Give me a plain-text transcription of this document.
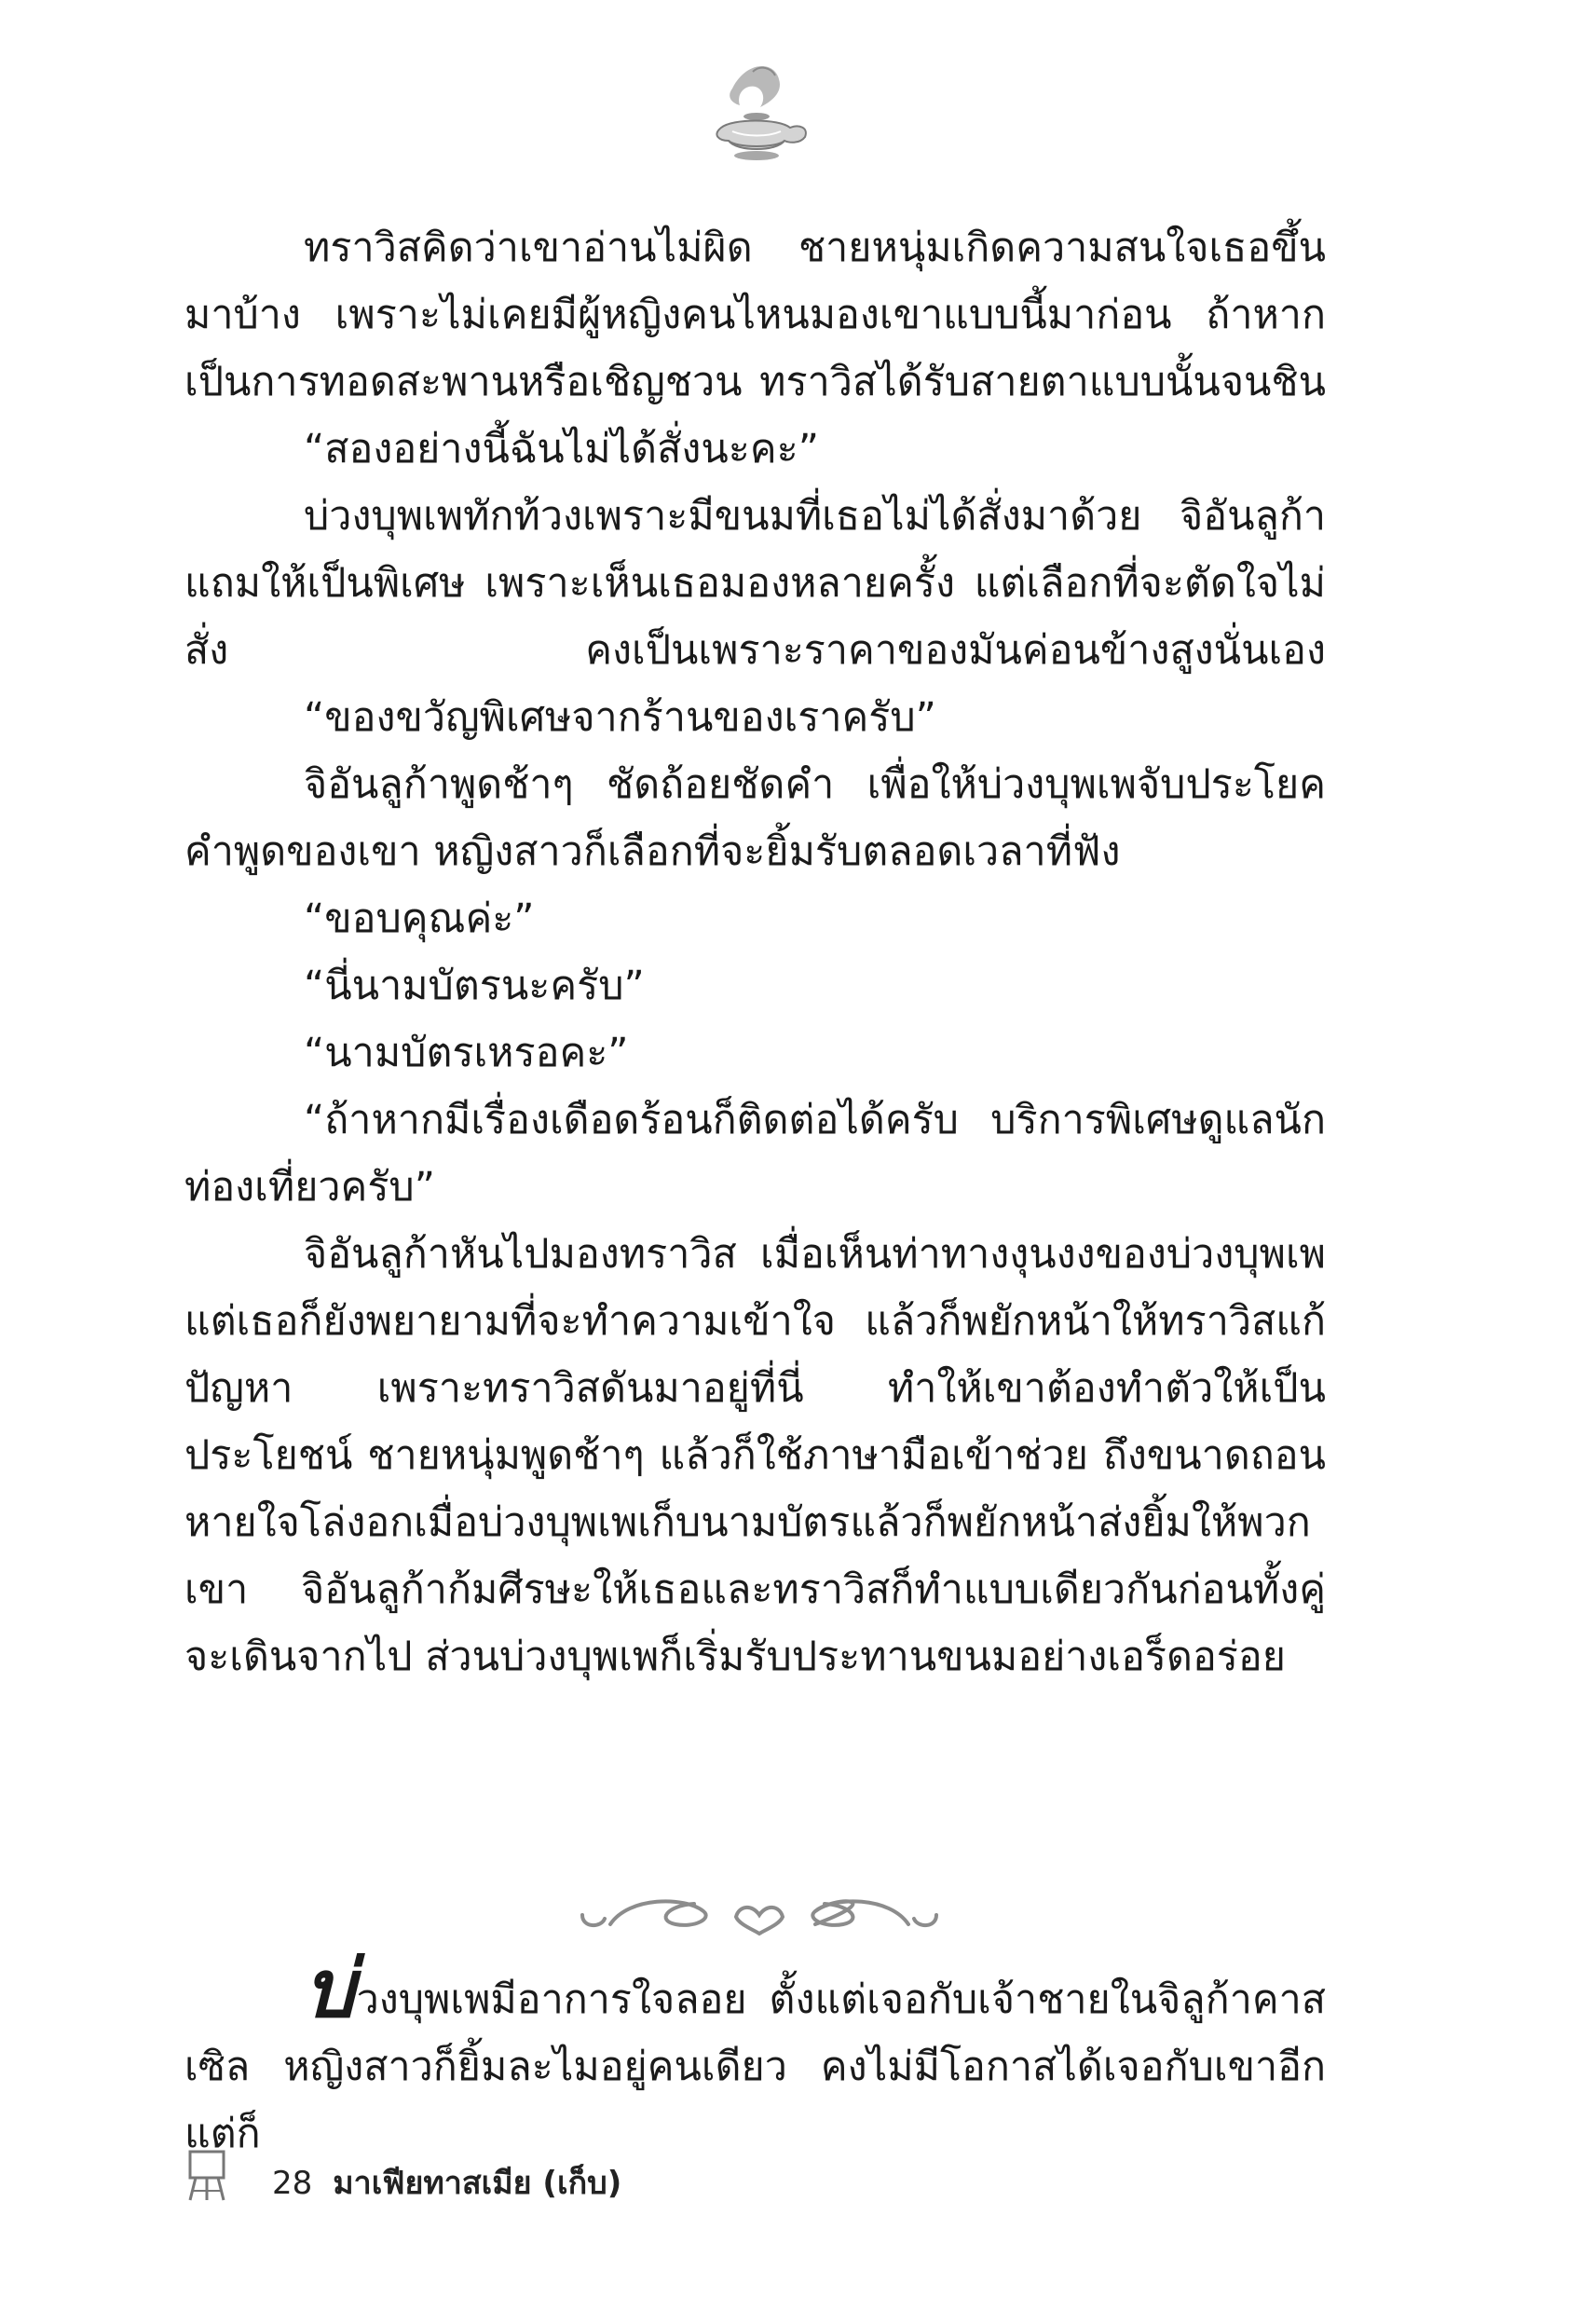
ทราวิสคิดว่าเขาอ่านไม่ผิด ชายหนุ่มเกิดความสนใจเธอขึ้นมาบ้าง เพราะไม่เคยมีผู้หญิงคนไหนมองเขาแบบนี้มาก่อน ถ้าหากเป็นการทอดสะพานหรือเชิญชวน ทราวิสได้รับสายตาแบบนั้นจนชิน

“สองอย่างนี้ฉันไม่ได้สั่งนะคะ”

บ่วงบุพเพทักท้วงเพราะมีขนมที่เธอไม่ได้สั่งมาด้วย จิอันลูก้าแถมให้เป็นพิเศษ เพราะเห็นเธอมองหลายครั้ง แต่เลือกที่จะตัดใจไม่สั่ง คงเป็นเพราะราคาของมันค่อนข้างสูงนั่นเอง

“ของขวัญพิเศษจากร้านของเราครับ”

จิอันลูก้าพูดช้าๆ ชัดถ้อยชัดคำ เพื่อให้บ่วงบุพเพจับประโยคคำพูดของเขา หญิงสาวก็เลือกที่จะยิ้มรับตลอดเวลาที่ฟัง

“ขอบคุณค่ะ”

“นี่นามบัตรนะครับ”

“นามบัตรเหรอคะ”

“ถ้าหากมีเรื่องเดือดร้อนก็ติดต่อได้ครับ บริการพิเศษดูแลนักท่องเที่ยวครับ”

จิอันลูก้าหันไปมองทราวิส เมื่อเห็นท่าทางงุนงงของบ่วงบุพเพ แต่เธอก็ยังพยายามที่จะทำความเข้าใจ แล้วก็พยักหน้าให้ทราวิสแก้ปัญหา เพราะทราวิสดันมาอยู่ที่นี่ ทำให้เขาต้องทำตัวให้เป็นประโยชน์ ชายหนุ่มพูดช้าๆ แล้วก็ใช้ภาษามือเข้าช่วย ถึงขนาดถอนหายใจโล่งอกเมื่อบ่วงบุพเพเก็บนามบัตรแล้วก็พยักหน้าส่งยิ้มให้พวกเขา จิอันลูก้าก้มศีรษะให้เธอและทราวิสก็ทำแบบเดียวกันก่อนทั้งคู่จะเดินจากไป ส่วนบ่วงบุพเพก็เริ่มรับประทานขนมอย่างเอร็ดอร่อย

บ่วงบุพเพมีอาการใจลอย ตั้งแต่เจอกับเจ้าชายในจิลูก้าคาสเซิล หญิงสาวก็ยิ้มละไมอยู่คนเดียว คงไม่มีโอกาสได้เจอกับเขาอีก แต่ก็

28 มาเฟียทาสเมีย (เก็บ)
